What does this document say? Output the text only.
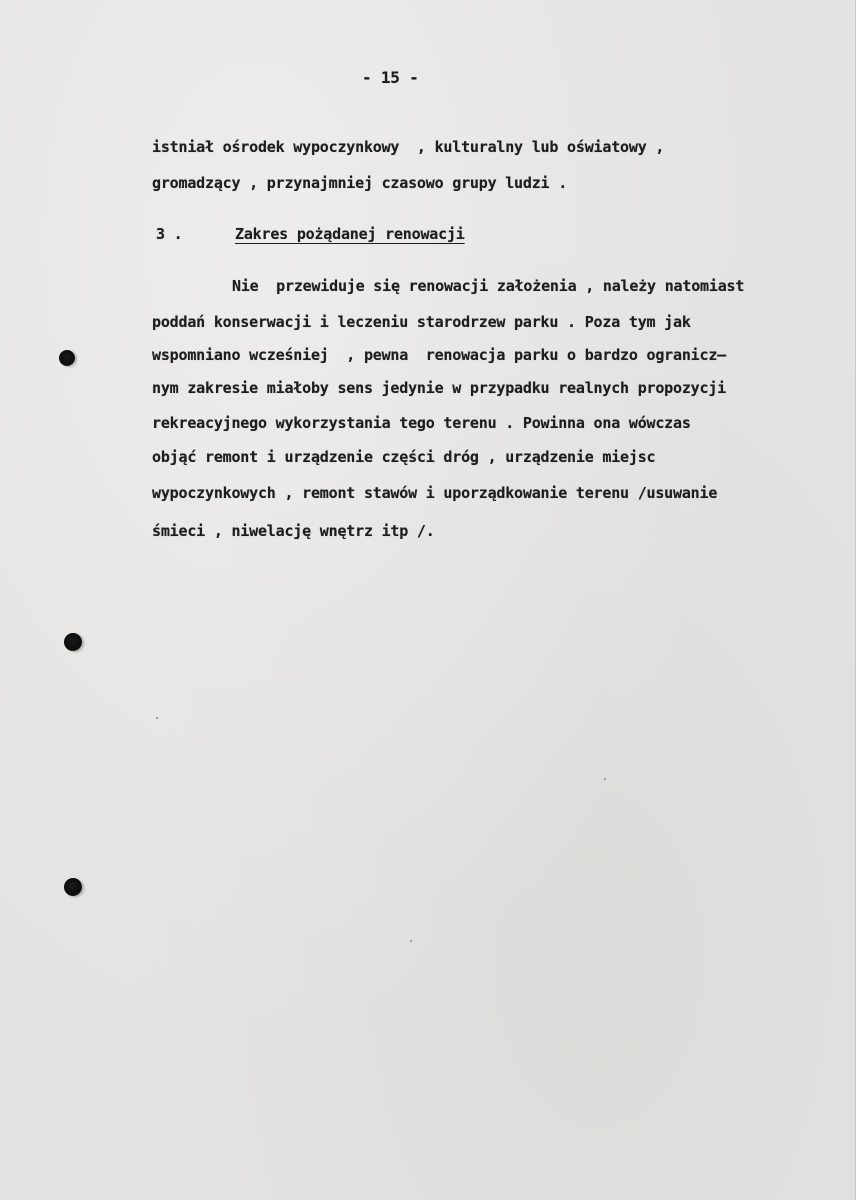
- 15 -

istniał ośrodek wypoczynkowy  , kulturalny lub oświatowy ,

gromadzący , przynajmniej czasowo grupy ludzi .

3 .	Zakres pożądanej renowacji

Nie  przewiduje się renowacji założenia , należy natomiast

poddań konserwacji i leczeniu starodrzew parku . Poza tym jak

wspomniano wcześniej  , pewna  renowacja parku o bardzo ogranicz–

nym zakresie miałoby sens jedynie w przypadku realnych propozycji

rekreacyjnego wykorzystania tego terenu . Powinna ona wówczas

objąć remont i urządzenie części dróg , urządzenie miejsc

wypoczynkowych , remont stawów i uporządkowanie terenu /usuwanie

śmieci , niwelację wnętrz itp /.
